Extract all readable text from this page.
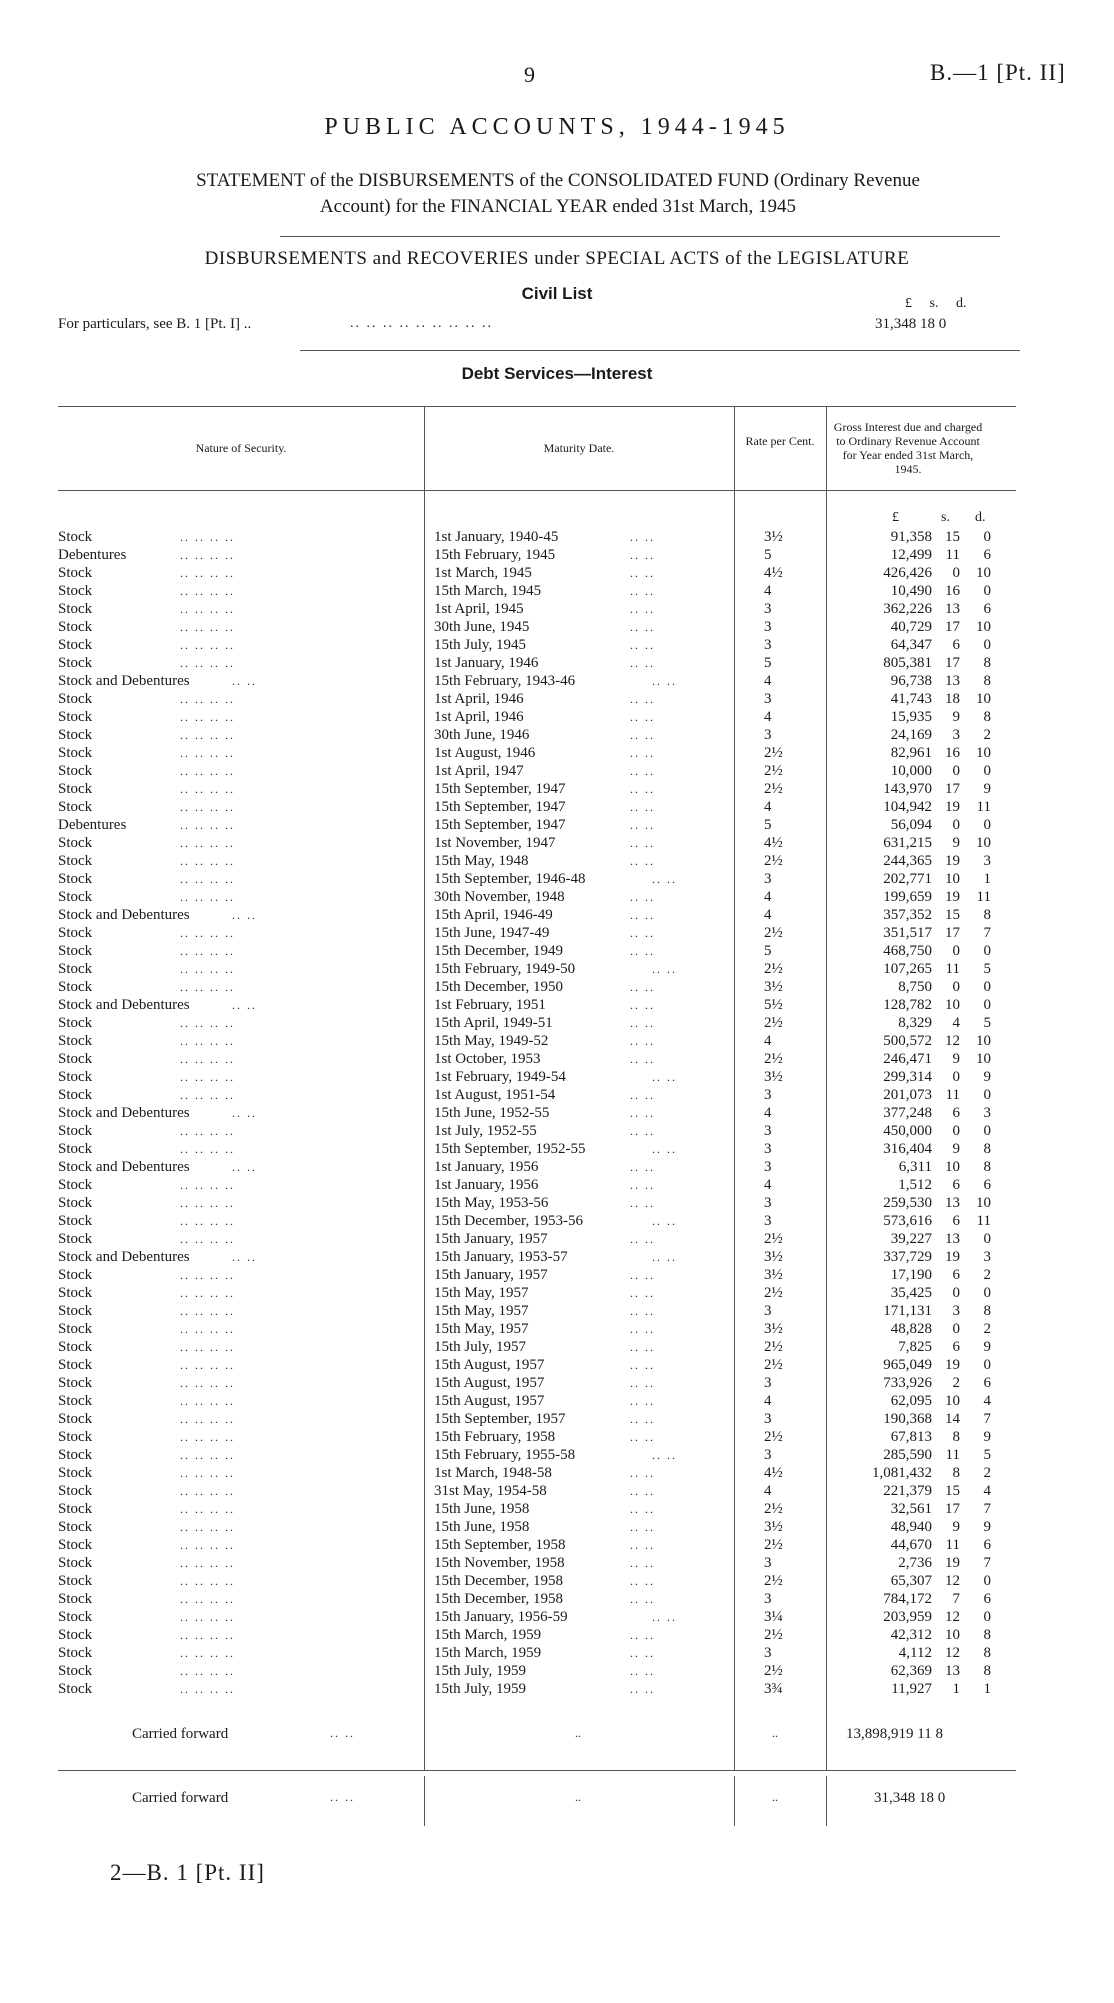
9	B.—1 [Pt. II]
PUBLIC ACCOUNTS, 1944-1945
STATEMENT of the DISBURSEMENTS of the CONSOLIDATED FUND (Ordinary Revenue
Account) for the FINANCIAL YEAR ended 31st March, 1945
DISBURSEMENTS and RECOVERIES under SPECIAL ACTS of the LEGISLATURE
Civil List
£ s. d.
For particulars, see B. 1 [Pt. I] ..	.. .. .. .. .. .. .. .. ..	31,348 18 0
Debt Services—Interest
Nature of Security.	Maturity Date.	Rate per Cent.
Gross Interest due and charged to Ordinary Revenue Account for Year ended 31st March, 1945.
£	s. d.
Stock	.. .. .. ..	1st January, 1940-45	.. ..	3½	91,358 15 0
Debentures	.. .. .. ..	15th February, 1945	.. ..	5	12,499 11 6
Stock	.. .. .. ..	1st March, 1945	.. ..	4½	426,426 0 10
Stock	.. .. .. ..	15th March, 1945	.. ..	4	10,490 16 0
Stock	.. .. .. ..	1st April, 1945	.. ..	3	362,226 13 6
Stock	.. .. .. ..	30th June, 1945	.. ..	3	40,729 17 10
Stock	.. .. .. ..	15th July, 1945	.. ..	3	64,347 6 0
Stock	.. .. .. ..	1st January, 1946	.. ..	5	805,381 17 8
Stock and Debentures	.. ..	15th February, 1943-46	.. ..	4	96,738 13 8
Stock	.. .. .. ..	1st April, 1946	.. ..	3	41,743 18 10
Stock	.. .. .. ..	1st April, 1946	.. ..	4	15,935 9 8
Stock	.. .. .. ..	30th June, 1946	.. ..	3	24,169 3 2
Stock	.. .. .. ..	1st August, 1946	.. ..	2½	82,961 16 10
Stock	.. .. .. ..	1st April, 1947	.. ..	2½	10,000 0 0
Stock	.. .. .. ..	15th September, 1947	.. ..	2½	143,970 17 9
Stock	.. .. .. ..	15th September, 1947	.. ..	4	104,942 19 11
Debentures	.. .. .. ..	15th September, 1947	.. ..	5	56,094 0 0
Stock	.. .. .. ..	1st November, 1947	.. ..	4½	631,215 9 10
Stock	.. .. .. ..	15th May, 1948	.. ..	2½	244,365 19 3
Stock	.. .. .. ..	15th September, 1946-48	.. ..	3	202,771 10 1
Stock	.. .. .. ..	30th November, 1948	.. ..	4	199,659 19 11
Stock and Debentures	.. ..	15th April, 1946-49	.. ..	4	357,352 15 8
Stock	.. .. .. ..	15th June, 1947-49	.. ..	2½	351,517 17 7
Stock	.. .. .. ..	15th December, 1949	.. ..	5	468,750 0 0
Stock	.. .. .. ..	15th February, 1949-50	.. ..	2½	107,265 11 5
Stock	.. .. .. ..	15th December, 1950	.. ..	3½	8,750 0 0
Stock and Debentures	.. ..	1st February, 1951	.. ..	5½	128,782 10 0
Stock	.. .. .. ..	15th April, 1949-51	.. ..	2½	8,329 4 5
Stock	.. .. .. ..	15th May, 1949-52	.. ..	4	500,572 12 10
Stock	.. .. .. ..	1st October, 1953	.. ..	2½	246,471 9 10
Stock	.. .. .. ..	1st February, 1949-54	.. ..	3½	299,314 0 9
Stock	.. .. .. ..	1st August, 1951-54	.. ..	3	201,073 11 0
Stock and Debentures	.. ..	15th June, 1952-55	.. ..	4	377,248 6 3
Stock	.. .. .. ..	1st July, 1952-55	.. ..	3	450,000 0 0
Stock	.. .. .. ..	15th September, 1952-55	.. ..	3	316,404 9 8
Stock and Debentures	.. ..	1st January, 1956	.. ..	3	6,311 10 8
Stock	.. .. .. ..	1st January, 1956	.. ..	4	1,512 6 6
Stock	.. .. .. ..	15th May, 1953-56	.. ..	3	259,530 13 10
Stock	.. .. .. ..	15th December, 1953-56	.. ..	3	573,616 6 11
Stock	.. .. .. ..	15th January, 1957	.. ..	2½	39,227 13 0
Stock and Debentures	.. ..	15th January, 1953-57	.. ..	3½	337,729 19 3
Stock	.. .. .. ..	15th January, 1957	.. ..	3½	17,190 6 2
Stock	.. .. .. ..	15th May, 1957	.. ..	2½	35,425 0 0
Stock	.. .. .. ..	15th May, 1957	.. ..	3	171,131 3 8
Stock	.. .. .. ..	15th May, 1957	.. ..	3½	48,828 0 2
Stock	.. .. .. ..	15th July, 1957	.. ..	2½	7,825 6 9
Stock	.. .. .. ..	15th August, 1957	.. ..	2½	965,049 19 0
Stock	.. .. .. ..	15th August, 1957	.. ..	3	733,926 2 6
Stock	.. .. .. ..	15th August, 1957	.. ..	4	62,095 10 4
Stock	.. .. .. ..	15th September, 1957	.. ..	3	190,368 14 7
Stock	.. .. .. ..	15th February, 1958	.. ..	2½	67,813 8 9
Stock	.. .. .. ..	15th February, 1955-58	.. ..	3	285,590 11 5
Stock	.. .. .. ..	1st March, 1948-58	.. ..	4½	1,081,432 8 2
Stock	.. .. .. ..	31st May, 1954-58	.. ..	4	221,379 15 4
Stock	.. .. .. ..	15th June, 1958	.. ..	2½	32,561 17 7
Stock	.. .. .. ..	15th June, 1958	.. ..	3½	48,940 9 9
Stock	.. .. .. ..	15th September, 1958	.. ..	2½	44,670 11 6
Stock	.. .. .. ..	15th November, 1958	.. ..	3	2,736 19 7
Stock	.. .. .. ..	15th December, 1958	.. ..	2½	65,307 12 0
Stock	.. .. .. ..	15th December, 1958	.. ..	3	784,172 7 6
Stock	.. .. .. ..	15th January, 1956-59	.. ..	3¼	203,959 12 0
Stock	.. .. .. ..	15th March, 1959	.. ..	2½	42,312 10 8
Stock	.. .. .. ..	15th March, 1959	.. ..	3	4,112 12 8
Stock	.. .. .. ..	15th July, 1959	.. ..	2½	62,369 13 8
Stock	.. .. .. ..	15th July, 1959	.. ..	3¾	11,927 1 1
Carried forward	.. ..	..	..	13,898,919 11 8
Carried forward	.. ..	..	..	31,348 18 0
2—B. 1 [Pt. II]
